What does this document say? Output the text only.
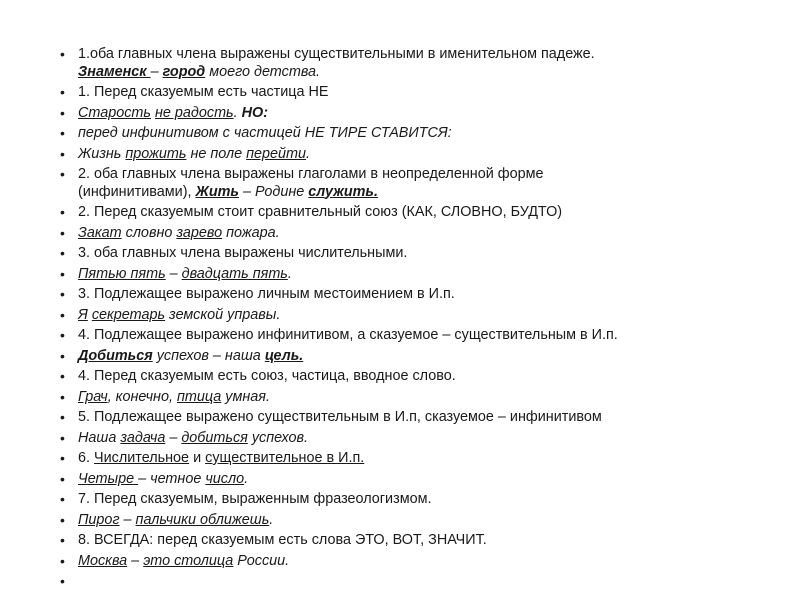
• 1.оба главных члена выражены существительными в именительном падеже.
Знаменск – город моего детства.
• 1. Перед сказуемым есть частица НЕ
• Старость не радость. НО:
• перед инфинитивом с частицей НЕ ТИРЕ СТАВИТСЯ:
• Жизнь прожить не поле перейти.
• 2. оба главных члена выражены глаголами в неопределенной форме
(инфинитивами), Жить – Родине служить.
• 2. Перед сказуемым стоит сравнительный союз (КАК, СЛОВНО, БУДТО)
• Закат словно зарево пожара.
• 3. оба главных члена выражены числительными.
• Пятью пять – двадцать пять.
• 3. Подлежащее выражено личным местоимением в И.п.
• Я секретарь земской управы.
• 4. Подлежащее выражено инфинитивом, а сказуемое – существительным в И.п.
• Добиться успехов – наша цель.
• 4. Перед сказуемым есть союз, частица, вводное слово.
• Грач, конечно, птица умная.
• 5. Подлежащее выражено существительным в И.п, сказуемое – инфинитивом
• Наша задача – добиться успехов.
• 6. Числительное и существительное в И.п.
• Четыре – четное число.
• 7. Перед сказуемым, выраженным фразеологизмом.
• Пирог – пальчики оближешь.
• 8. ВСЕГДА: перед сказуемым есть слова ЭТО, ВОТ, ЗНАЧИТ.
• Москва – это столица России.
•
